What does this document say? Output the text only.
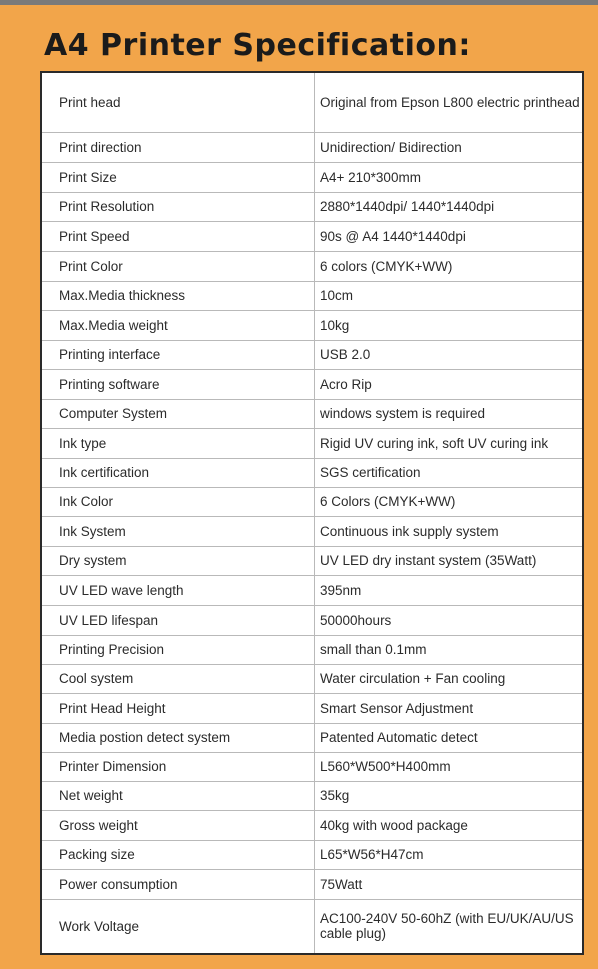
A4 Printer Specification:
Print head	Original from Epson L800 electric printhead
Print direction	Unidirection/ Bidirection
Print Size	A4+ 210*300mm
Print Resolution	2880*1440dpi/ 1440*1440dpi
Print Speed	90s @ A4 1440*1440dpi
Print Color	6 colors (CMYK+WW)
Max.Media thickness	10cm
Max.Media weight	10kg
Printing interface	USB 2.0
Printing software	Acro Rip
Computer System	windows system is required
Ink type	Rigid UV curing ink, soft UV curing ink
Ink certification	SGS certification
Ink Color	6 Colors (CMYK+WW)
Ink System	Continuous ink supply system
Dry system	UV LED dry instant system (35Watt)
UV LED wave length	395nm
UV LED lifespan	50000hours
Printing Precision	small than 0.1mm
Cool system	Water circulation + Fan cooling
Print Head Height	Smart Sensor Adjustment
Media postion detect system	Patented Automatic detect
Printer Dimension	L560*W500*H400mm
Net weight	35kg
Gross weight	40kg with wood package
Packing size	L65*W56*H47cm
Power consumption	75Watt
Work Voltage	AC100-240V 50-60hZ (with EU/UK/AU/US cable plug)
